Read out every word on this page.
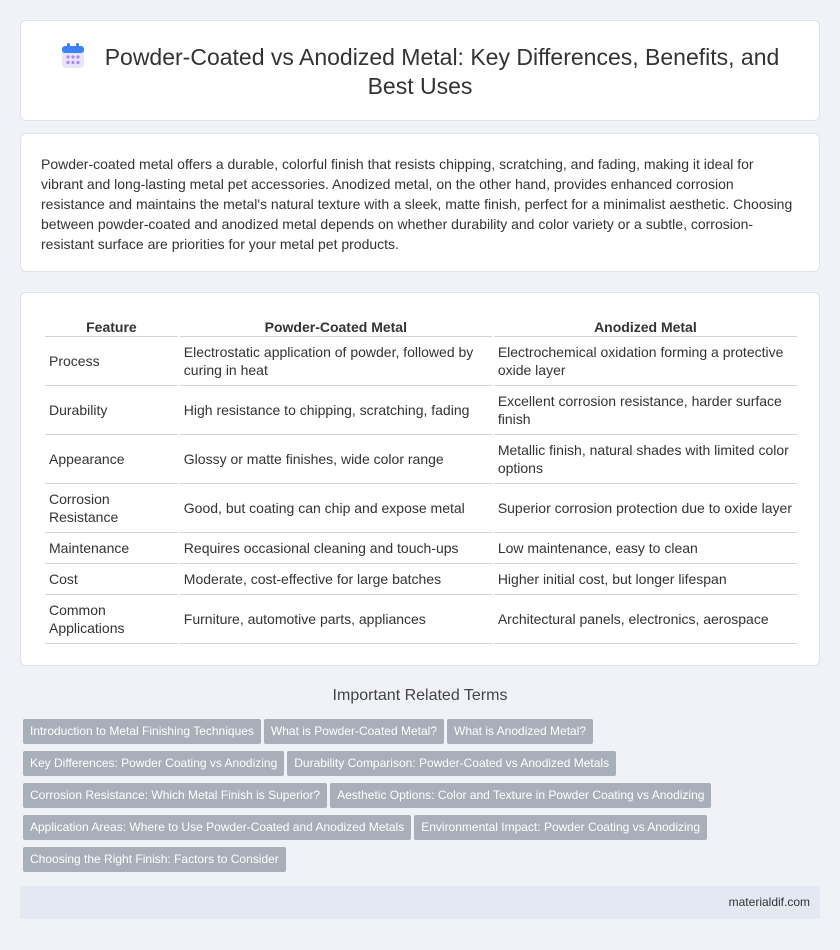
Powder-Coated vs Anodized Metal: Key Differences, Benefits, and Best Uses

Powder-coated metal offers a durable, colorful finish that resists chipping, scratching, and fading, making it ideal for vibrant and long-lasting metal pet accessories. Anodized metal, on the other hand, provides enhanced corrosion resistance and maintains the metal's natural texture with a sleek, matte finish, perfect for a minimalist aesthetic. Choosing between powder-coated and anodized metal depends on whether durability and color variety or a subtle, corrosion-resistant surface are priorities for your metal pet products.

Feature	Powder-Coated Metal	Anodized Metal
Process	Electrostatic application of powder, followed by curing in heat	Electrochemical oxidation forming a protective oxide layer
Durability	High resistance to chipping, scratching, fading	Excellent corrosion resistance, harder surface finish
Appearance	Glossy or matte finishes, wide color range	Metallic finish, natural shades with limited color options
Corrosion Resistance	Good, but coating can chip and expose metal	Superior corrosion protection due to oxide layer
Maintenance	Requires occasional cleaning and touch-ups	Low maintenance, easy to clean
Cost	Moderate, cost-effective for large batches	Higher initial cost, but longer lifespan
Common Applications	Furniture, automotive parts, appliances	Architectural panels, electronics, aerospace
Important Related Terms
Introduction to Metal Finishing Techniques What is Powder-Coated Metal? What is Anodized Metal?
Key Differences: Powder Coating vs Anodizing Durability Comparison: Powder-Coated vs Anodized Metals
Corrosion Resistance: Which Metal Finish is Superior? Aesthetic Options: Color and Texture in Powder Coating vs Anodizing
Application Areas: Where to Use Powder-Coated and Anodized Metals Environmental Impact: Powder Coating vs Anodizing
Choosing the Right Finish: Factors to Consider
materialdif.com
